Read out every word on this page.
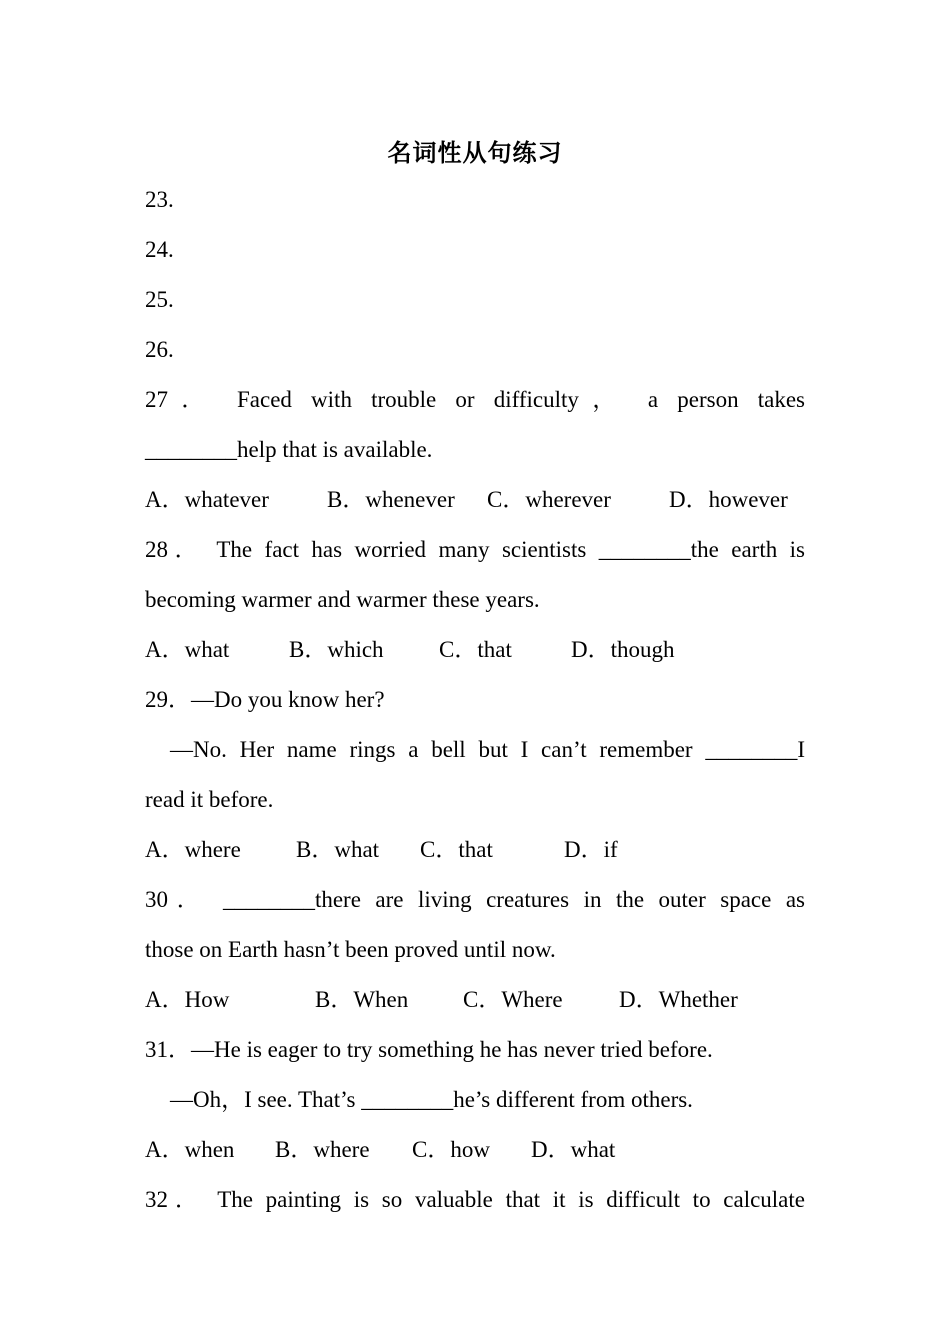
名词性从句练习
23.
24.
25.
26.
27． Faced with trouble or difficulty， a person takes
________help that is available.
A．whatever	B．whenever	C．wherever	D．however
28． The fact has worried many scientists ________the earth is
becoming warmer and warmer these years.
A．what	B．which	C．that	D．though
29．—Do you know her?
—No. Her name rings a bell but I can’t remember ________I
read it before.
A．where	B．what	C．that	D．if
30． ________there are living creatures in the outer space as
those on Earth hasn’t been proved until now.
A．How	B．When	C．Where	D．Whether
31．—He is eager to try something he has never tried before.
—Oh，I see. That’s ________he’s different from others.
A．when	B．where	C．how	D．what
32． The painting is so valuable that it is difficult to calculate
